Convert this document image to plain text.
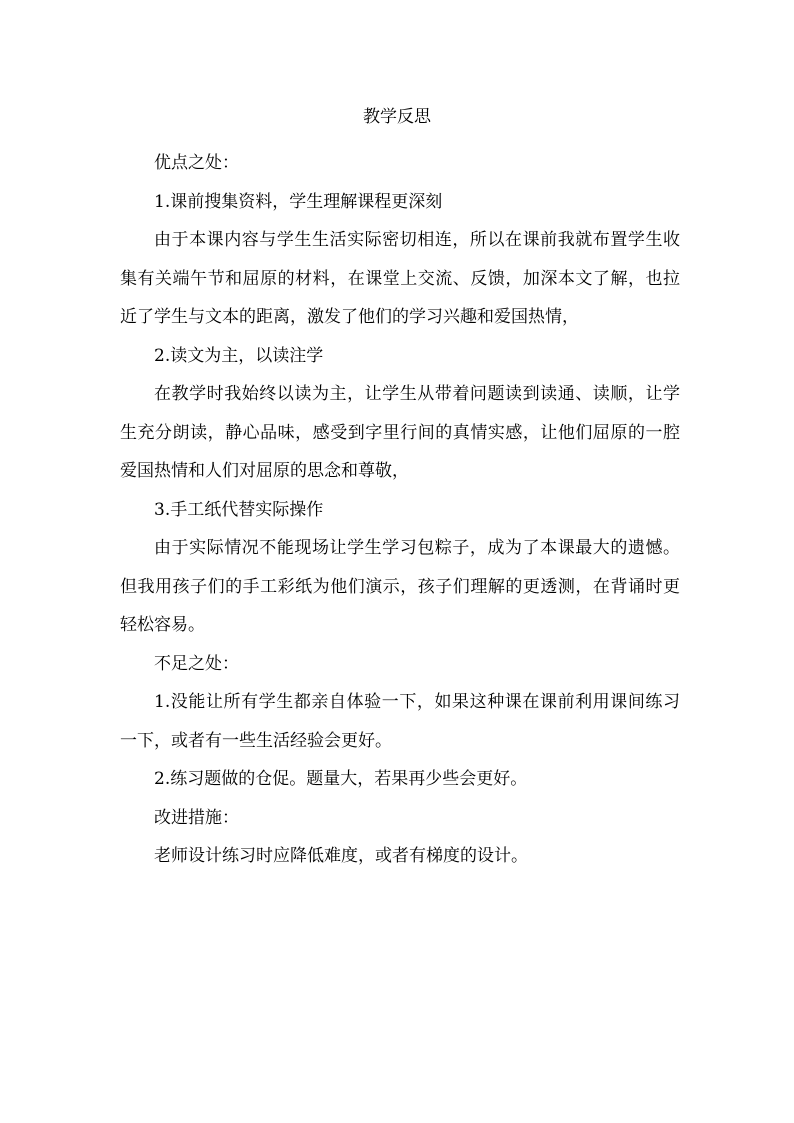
教学反思

优点之处：

1.课前搜集资料，学生理解课程更深刻

由于本课内容与学生生活实际密切相连，所以在课前我就布置学生收集有关端午节和屈原的材料，在课堂上交流、反馈，加深本文了解，也拉近了学生与文本的距离，激发了他们的学习兴趣和爱国热情，

2.读文为主，以读注学

在教学时我始终以读为主，让学生从带着问题读到读通、读顺，让学生充分朗读，静心品味，感受到字里行间的真情实感，让他们屈原的一腔爱国热情和人们对屈原的思念和尊敬，

3.手工纸代替实际操作

由于实际情况不能现场让学生学习包粽子，成为了本课最大的遗憾。但我用孩子们的手工彩纸为他们演示，孩子们理解的更透测，在背诵时更轻松容易。

不足之处：

1.没能让所有学生都亲自体验一下，如果这种课在课前利用课间练习一下，或者有一些生活经验会更好。

2.练习题做的仓促。题量大，若果再少些会更好。

改进措施：

老师设计练习时应降低难度，或者有梯度的设计。
